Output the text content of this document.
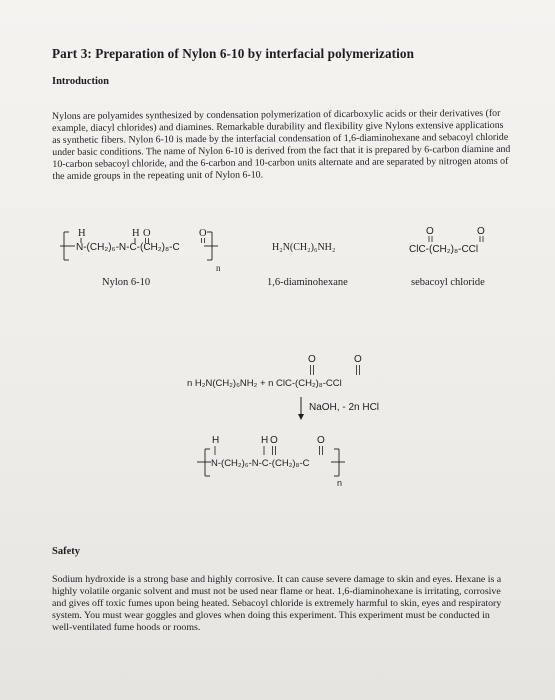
Part 3: Preparation of Nylon 6-10 by interfacial polymerization
Introduction
Nylons are polyamides synthesized by condensation polymerization of dicarboxylic acids or their derivatives (for example, diacyl chlorides) and diamines. Remarkable durability and flexibility give Nylons extensive applications as synthetic fibers. Nylon 6-10 is made by the interfacial condensation of 1,6-diaminohexane and sebacoyl chloride under basic conditions. The name of Nylon 6-10 is derived from the fact that it is prepared by 6-carbon diamine and 10-carbon sebacoyl chloride, and the 6-carbon and 10-carbon units alternate and are separated by nitrogen atoms of the amide groups in the repeating unit of Nylon 6-10.
H	H O	O
N-(CH₂)₆-N-C-(CH₂)₈-C
n
H₂N(CH₂)₆NH₂
O	O
ClC-(CH₂)₈-CCl
O	O
n H₂N(CH₂)₆NH₂ + n ClC-(CH₂)₈-CCl
NaOH, - 2n HCl
H	H O	O
N-(CH₂)₆-N-C-(CH₂)₈-C
n
Nylon 6-10	1,6-diaminohexane	sebacoyl chloride
Safety
Sodium hydroxide is a strong base and highly corrosive. It can cause severe damage to skin and eyes. Hexane is a highly volatile organic solvent and must not be used near flame or heat. 1,6-diaminohexane is irritating, corrosive and gives off toxic fumes upon being heated. Sebacoyl chloride is extremely harmful to skin, eyes and respiratory system. You must wear goggles and gloves when doing this experiment. This experiment must be conducted in well-ventilated fume hoods or rooms.
